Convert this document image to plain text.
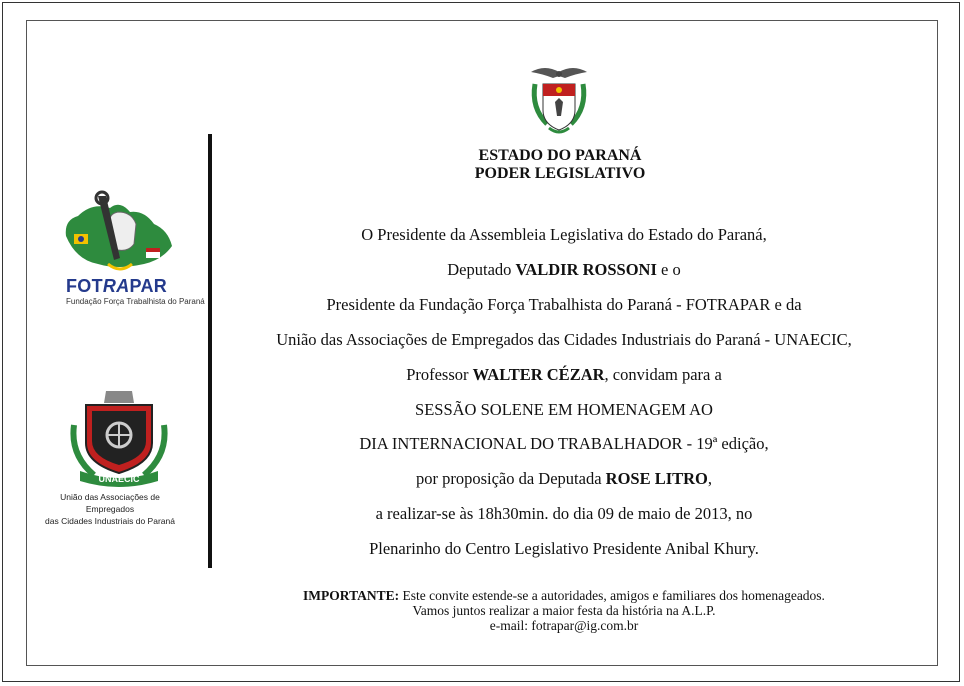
ESTADO DO PARANÁ
PODER LEGISLATIVO
O Presidente da Assembleia Legislativa do Estado do Paraná,
Deputado VALDIR ROSSONI e o
Presidente da Fundação Força Trabalhista do Paraná - FOTRAPAR e da
União das Associações de Empregados das Cidades Industriais do Paraná - UNAECIC,
Professor WALTER CÉZAR, convidam para a
SESSÃO SOLENE EM HOMENAGEM AO
DIA INTERNACIONAL DO TRABALHADOR - 19ª edição,
por proposição da Deputada ROSE LITRO,
a realizar-se às 18h30min. do dia 09 de maio de 2013, no
Plenarinho do Centro Legislativo Presidente Anibal Khury.
IMPORTANTE: Este convite estende-se a autoridades, amigos e familiares dos homenageados.
Vamos juntos realizar a maior festa da história na A.L.P.
e-mail: fotrapar@ig.com.br
FOTRAPAR
Fundação Força Trabalhista do Paraná
UNAECIC
União das Associações de Empregados
das Cidades Industriais do Paraná
